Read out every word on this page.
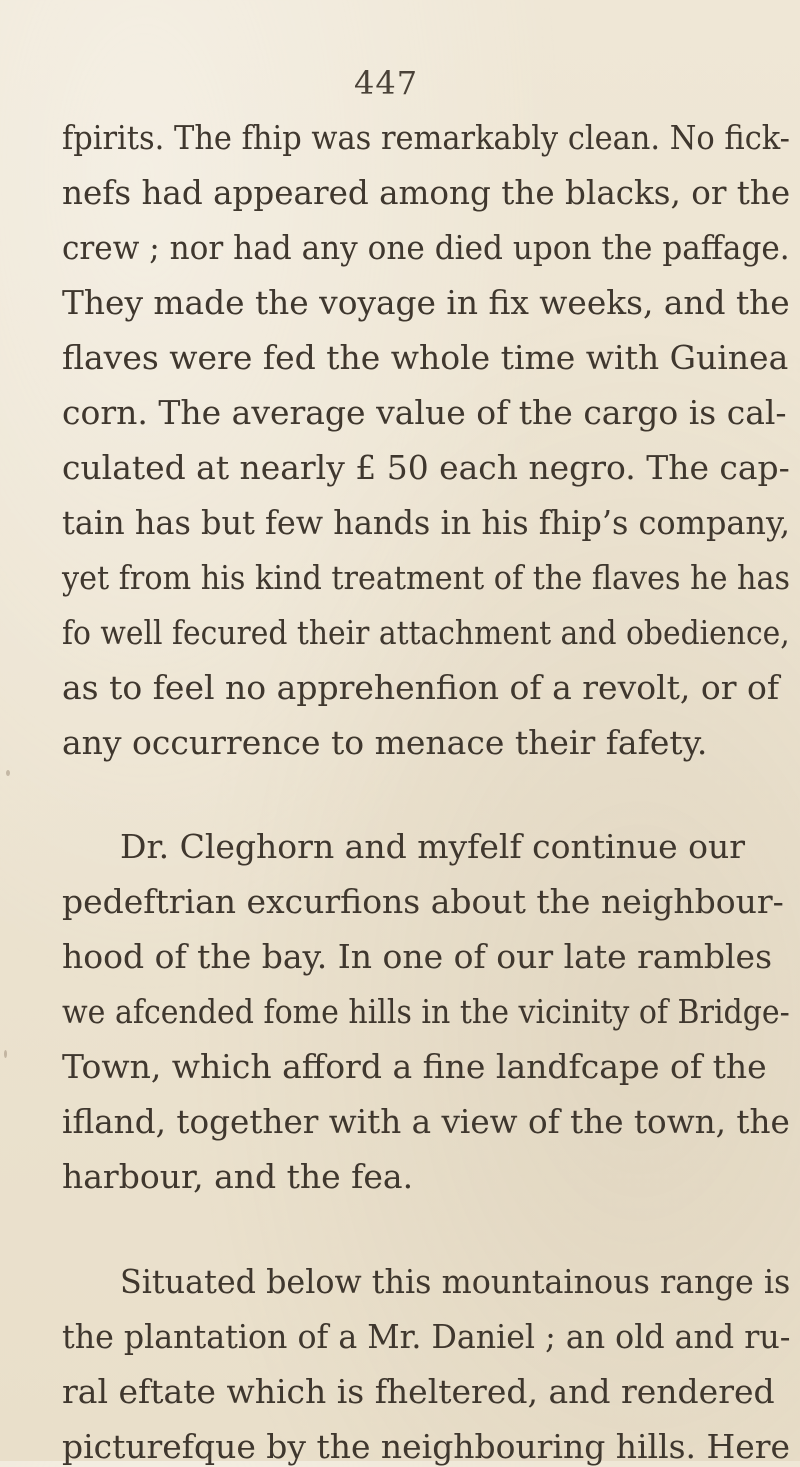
447

fpirits. The fhip was remarkably clean. No fick-

nefs had appeared among the blacks, or the

crew ; nor had any one died upon the paffage.

They made the voyage in fix weeks, and the

flaves were fed the whole time with Guinea

corn. The average value of the cargo is cal-

culated at nearly £ 50 each negro. The cap-

tain has but few hands in his fhip’s company,

yet from his kind treatment of the flaves he has

fo well fecured their attachment and obedience,

as to feel no apprehenfion of a revolt, or of

any occurrence to menace their fafety.

Dr. Cleghorn and myfelf continue our

pedeftrian excurfions about the neighbour-

hood of the bay. In one of our late rambles

we afcended fome hills in the vicinity of Bridge-

Town, which afford a fine landfcape of the

ifland, together with a view of the town, the

harbour, and the fea.

Situated below this mountainous range is

the plantation of a Mr. Daniel ; an old and ru-

ral eftate which is fheltered, and rendered

picturefque by the neighbouring hills. Here
